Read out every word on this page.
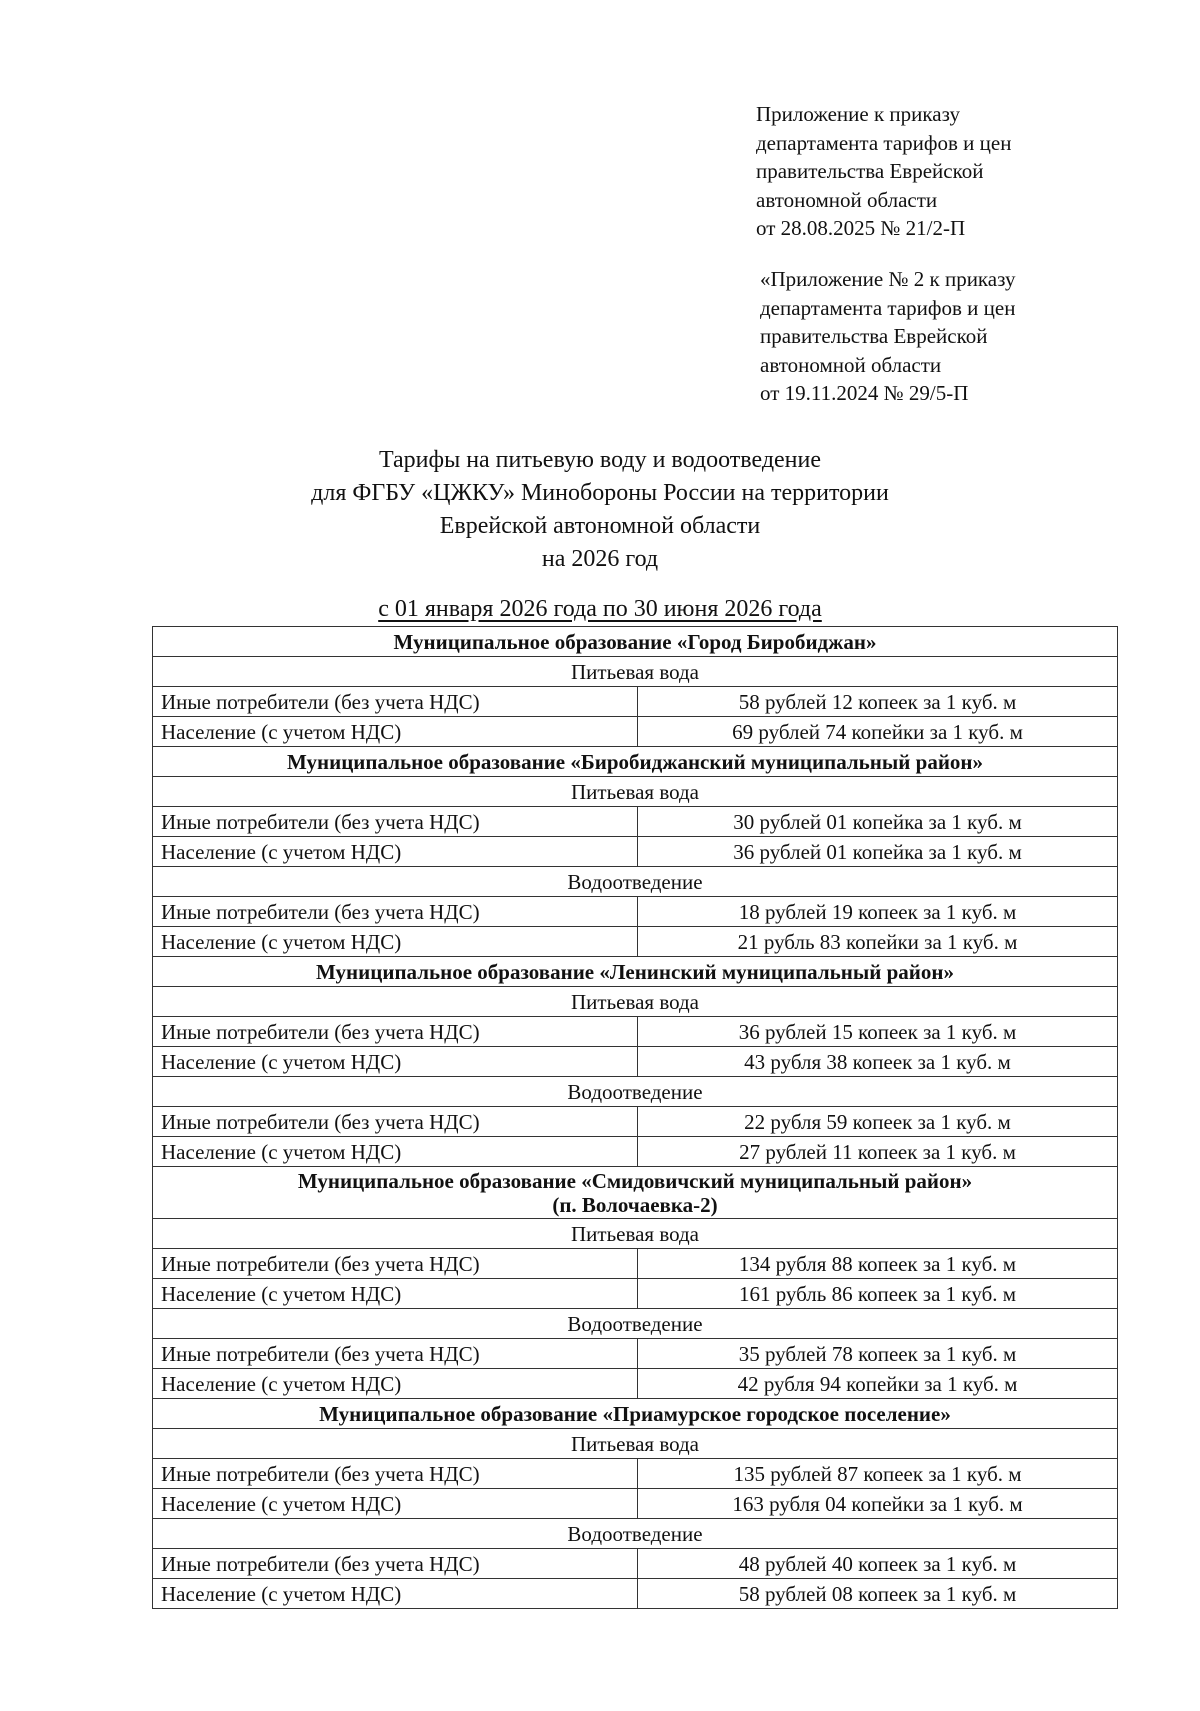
Приложение к приказу
департамента тарифов и цен
правительства Еврейской
автономной области
от 28.08.2025 № 21/2-П
«Приложение № 2 к приказу
департамента тарифов и цен
правительства Еврейской
автономной области
от 19.11.2024 № 29/5-П
Тарифы на питьевую воду и водоотведение
для ФГБУ «ЦЖКУ» Минобороны России на территории
Еврейской автономной области
на 2026 год
с 01 января 2026 года по 30 июня 2026 года
Муниципальное образование «Город Биробиджан»	

Питьевая вода	

Иные потребители (без учета НДС)	58 рублей 12 копеек за 1 куб. м
Население (с учетом НДС)	69 рублей 74 копейки за 1 куб. м

Муниципальное образование «Биробиджанский муниципальный район»	

Питьевая вода	

Иные потребители (без учета НДС)	30 рублей 01 копейка за 1 куб. м
Население (с учетом НДС)	36 рублей 01 копейка за 1 куб. м

Водоотведение	

Иные потребители (без учета НДС)	18 рублей 19 копеек за 1 куб. м
Население (с учетом НДС)	21 рубль 83 копейки за 1 куб. м

Муниципальное образование «Ленинский муниципальный район»	

Питьевая вода	

Иные потребители (без учета НДС)	36 рублей 15 копеек за 1 куб. м
Население (с учетом НДС)	43 рубля 38 копеек за 1 куб. м

Водоотведение	

Иные потребители (без учета НДС)	22 рубля 59 копеек за 1 куб. м
Население (с учетом НДС)	27 рублей 11 копеек за 1 куб. м

Муниципальное образование «Смидовичский муниципальный район»
(п. Волочаевка-2)	

Питьевая вода	

Иные потребители (без учета НДС)	134 рубля 88 копеек за 1 куб. м
Население (с учетом НДС)	161 рубль 86 копеек за 1 куб. м

Водоотведение	

Иные потребители (без учета НДС)	35 рублей 78 копеек за 1 куб. м
Население (с учетом НДС)	42 рубля 94 копейки за 1 куб. м

Муниципальное образование «Приамурское городское поселение»	

Питьевая вода	

Иные потребители (без учета НДС)	135 рублей 87 копеек за 1 куб. м
Население (с учетом НДС)	163 рубля 04 копейки за 1 куб. м

Водоотведение	

Иные потребители (без учета НДС)	48 рублей 40 копеек за 1 куб. м
Население (с учетом НДС)	58 рублей 08 копеек за 1 куб. м
